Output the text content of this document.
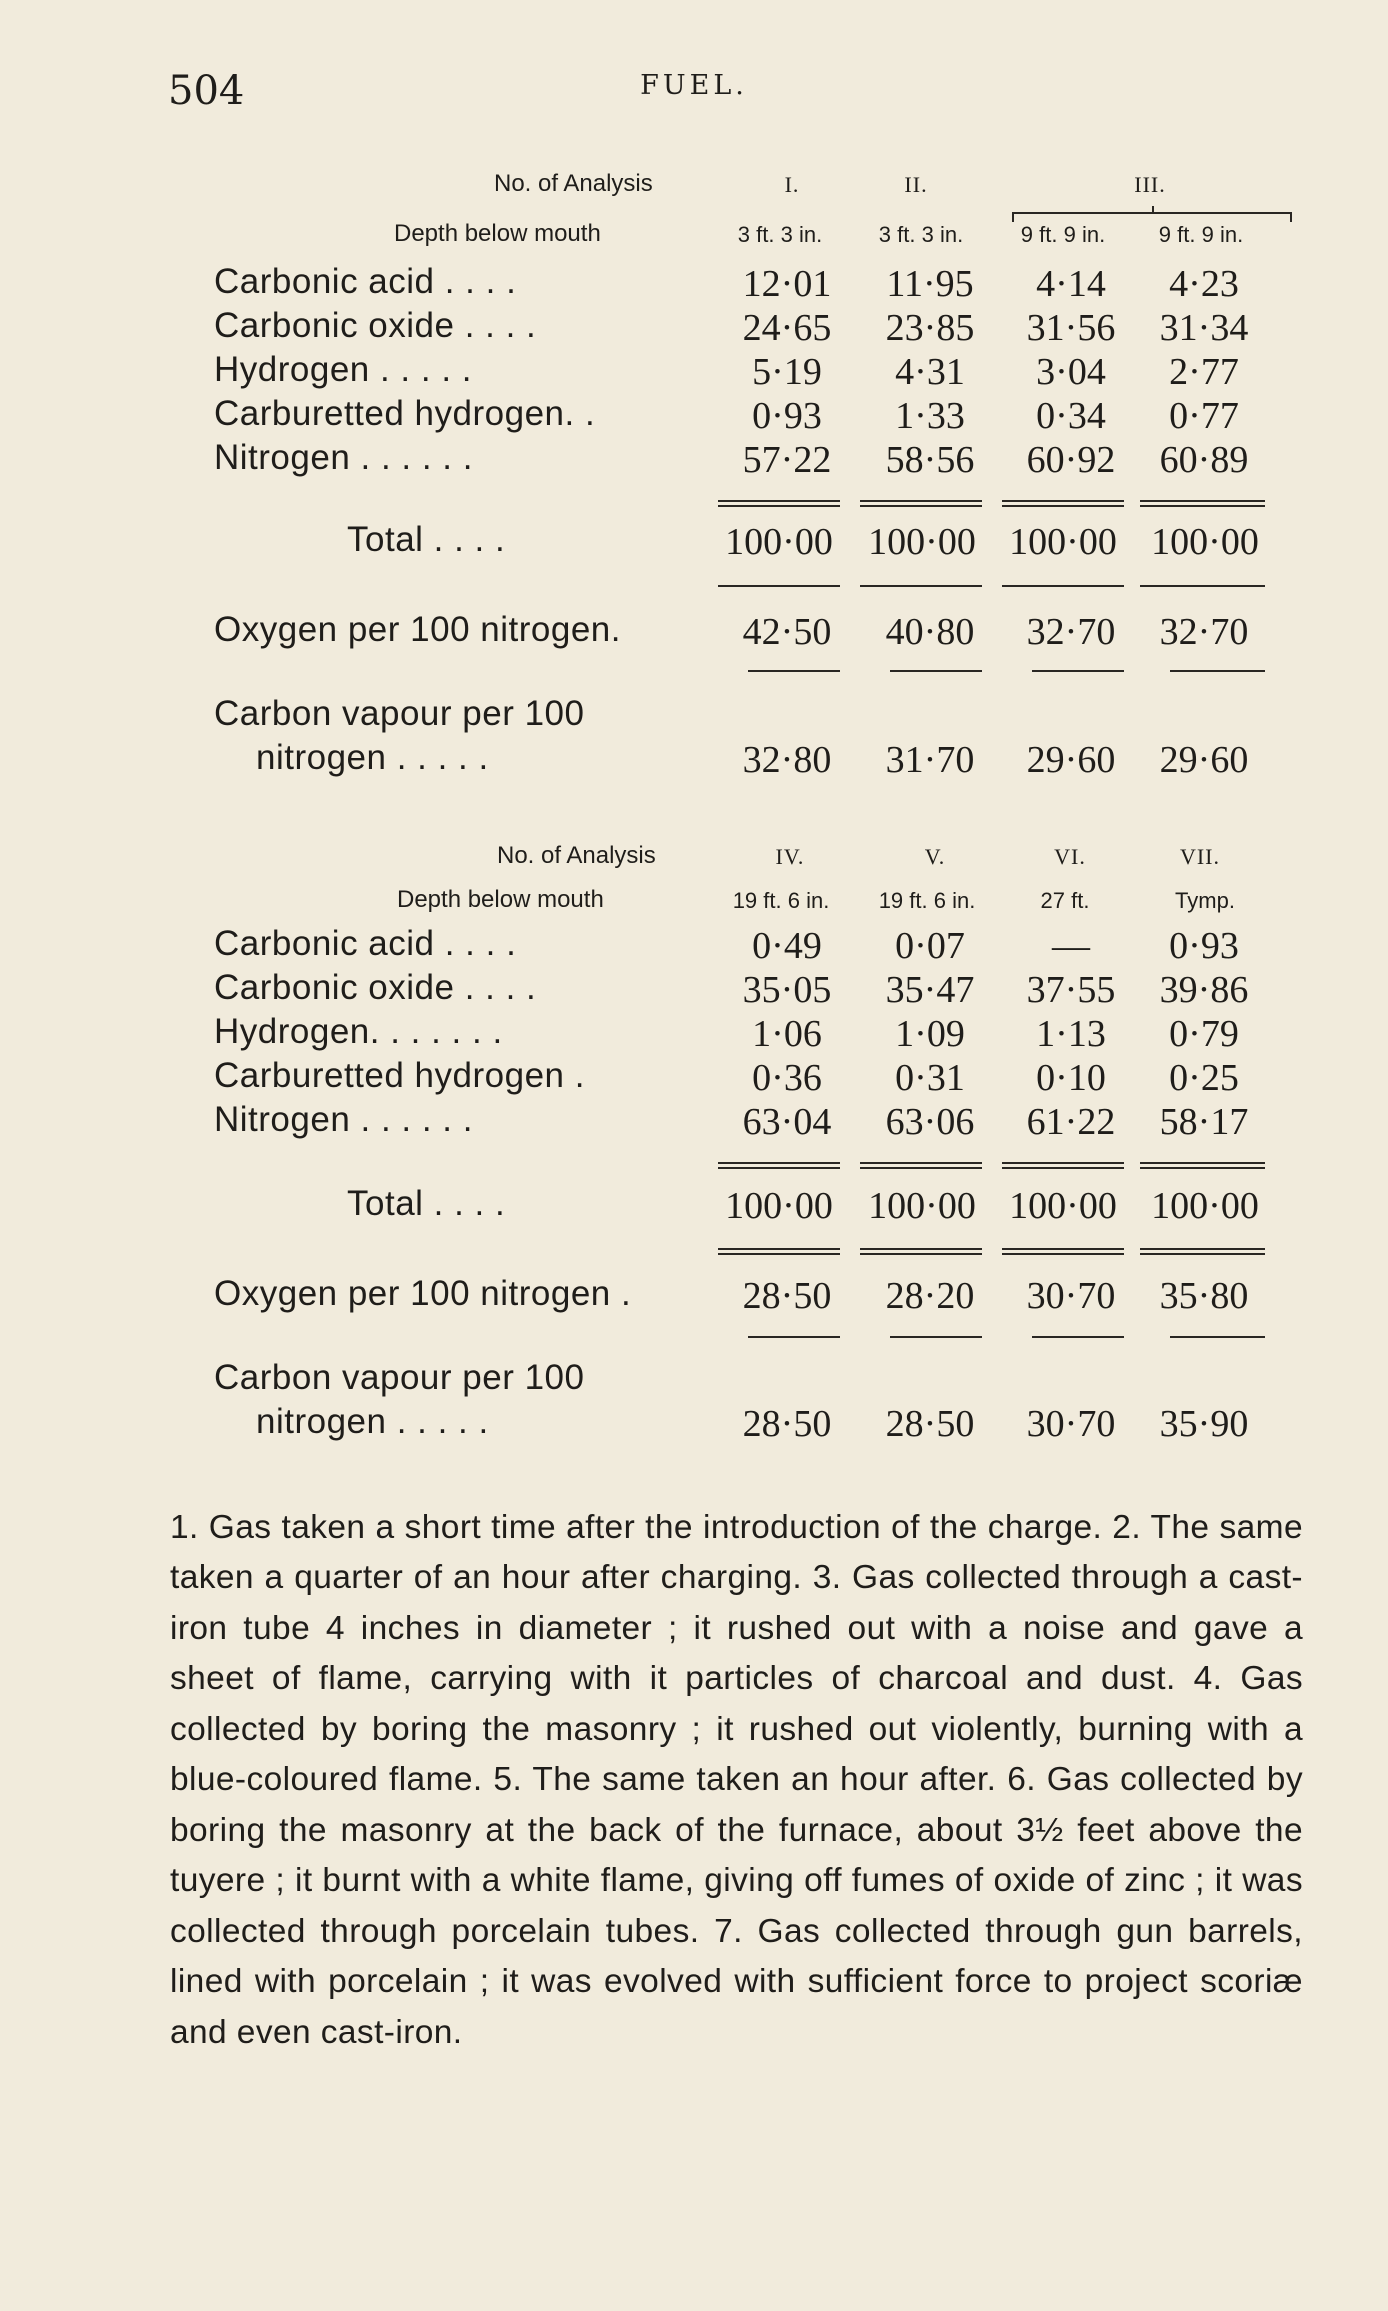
504	FUEL.
No. of Analysis	I.	II.	III.
Depth below mouth	3 ft. 3 in.	3 ft. 3 in.	9 ft. 9 in.	9 ft. 9 in.
Carbonic acid . . . .	12·01	11·95	4·14	4·23
Carbonic oxide . . . .	24·65	23·85	31·56	31·34
Hydrogen . . . . .	5·19	4·31	3·04	2·77
Carburetted hydrogen. .	0·93	1·33	0·34	0·77
Nitrogen . . . . . .	57·22	58·56	60·92	60·89
Total . . . .	100·00 100·00 100·00 100·00
Oxygen per 100 nitrogen.	42·50	40·80	32·70	32·70
Carbon vapour per 100
nitrogen . . . . .	32·80	31·70	29·60	29·60
No. of Analysis	IV.	V.	VI.	VII.
Depth below mouth	19 ft. 6 in.	19 ft. 6 in.	27 ft.	Tymp.
Carbonic acid . . . .	0·49	0·07	—	0·93
Carbonic oxide . . . .	35·05	35·47	37·55	39·86
Hydrogen. . . . . . .	1·06	1·09	1·13	0·79
Carburetted hydrogen .	0·36	0·31	0·10	0·25
Nitrogen . . . . . .	63·04	63·06	61·22	58·17
Total . . . .	100·00 100·00 100·00 100·00
Oxygen per 100 nitrogen .	28·50	28·20	30·70	35·80
Carbon vapour per 100
nitrogen . . . . .	28·50	28·50	30·70	35·90

1. Gas taken a short time after the introduction of the charge. 2. The same taken a quarter of an hour after charging. 3. Gas collected through a cast-iron tube 4 inches in diameter ; it rushed out with a noise and gave a sheet of flame, carrying with it particles of charcoal and dust. 4. Gas collected by boring the masonry ; it rushed out violently, burning with a blue-coloured flame. 5. The same taken an hour after. 6. Gas collected by boring the masonry at the back of the furnace, about 3½ feet above the tuyere ; it burnt with a white flame, giving off fumes of oxide of zinc ; it was collected through porcelain tubes. 7. Gas collected through gun barrels, lined with porcelain ; it was evolved with sufficient force to project scoriæ and even cast-iron.
